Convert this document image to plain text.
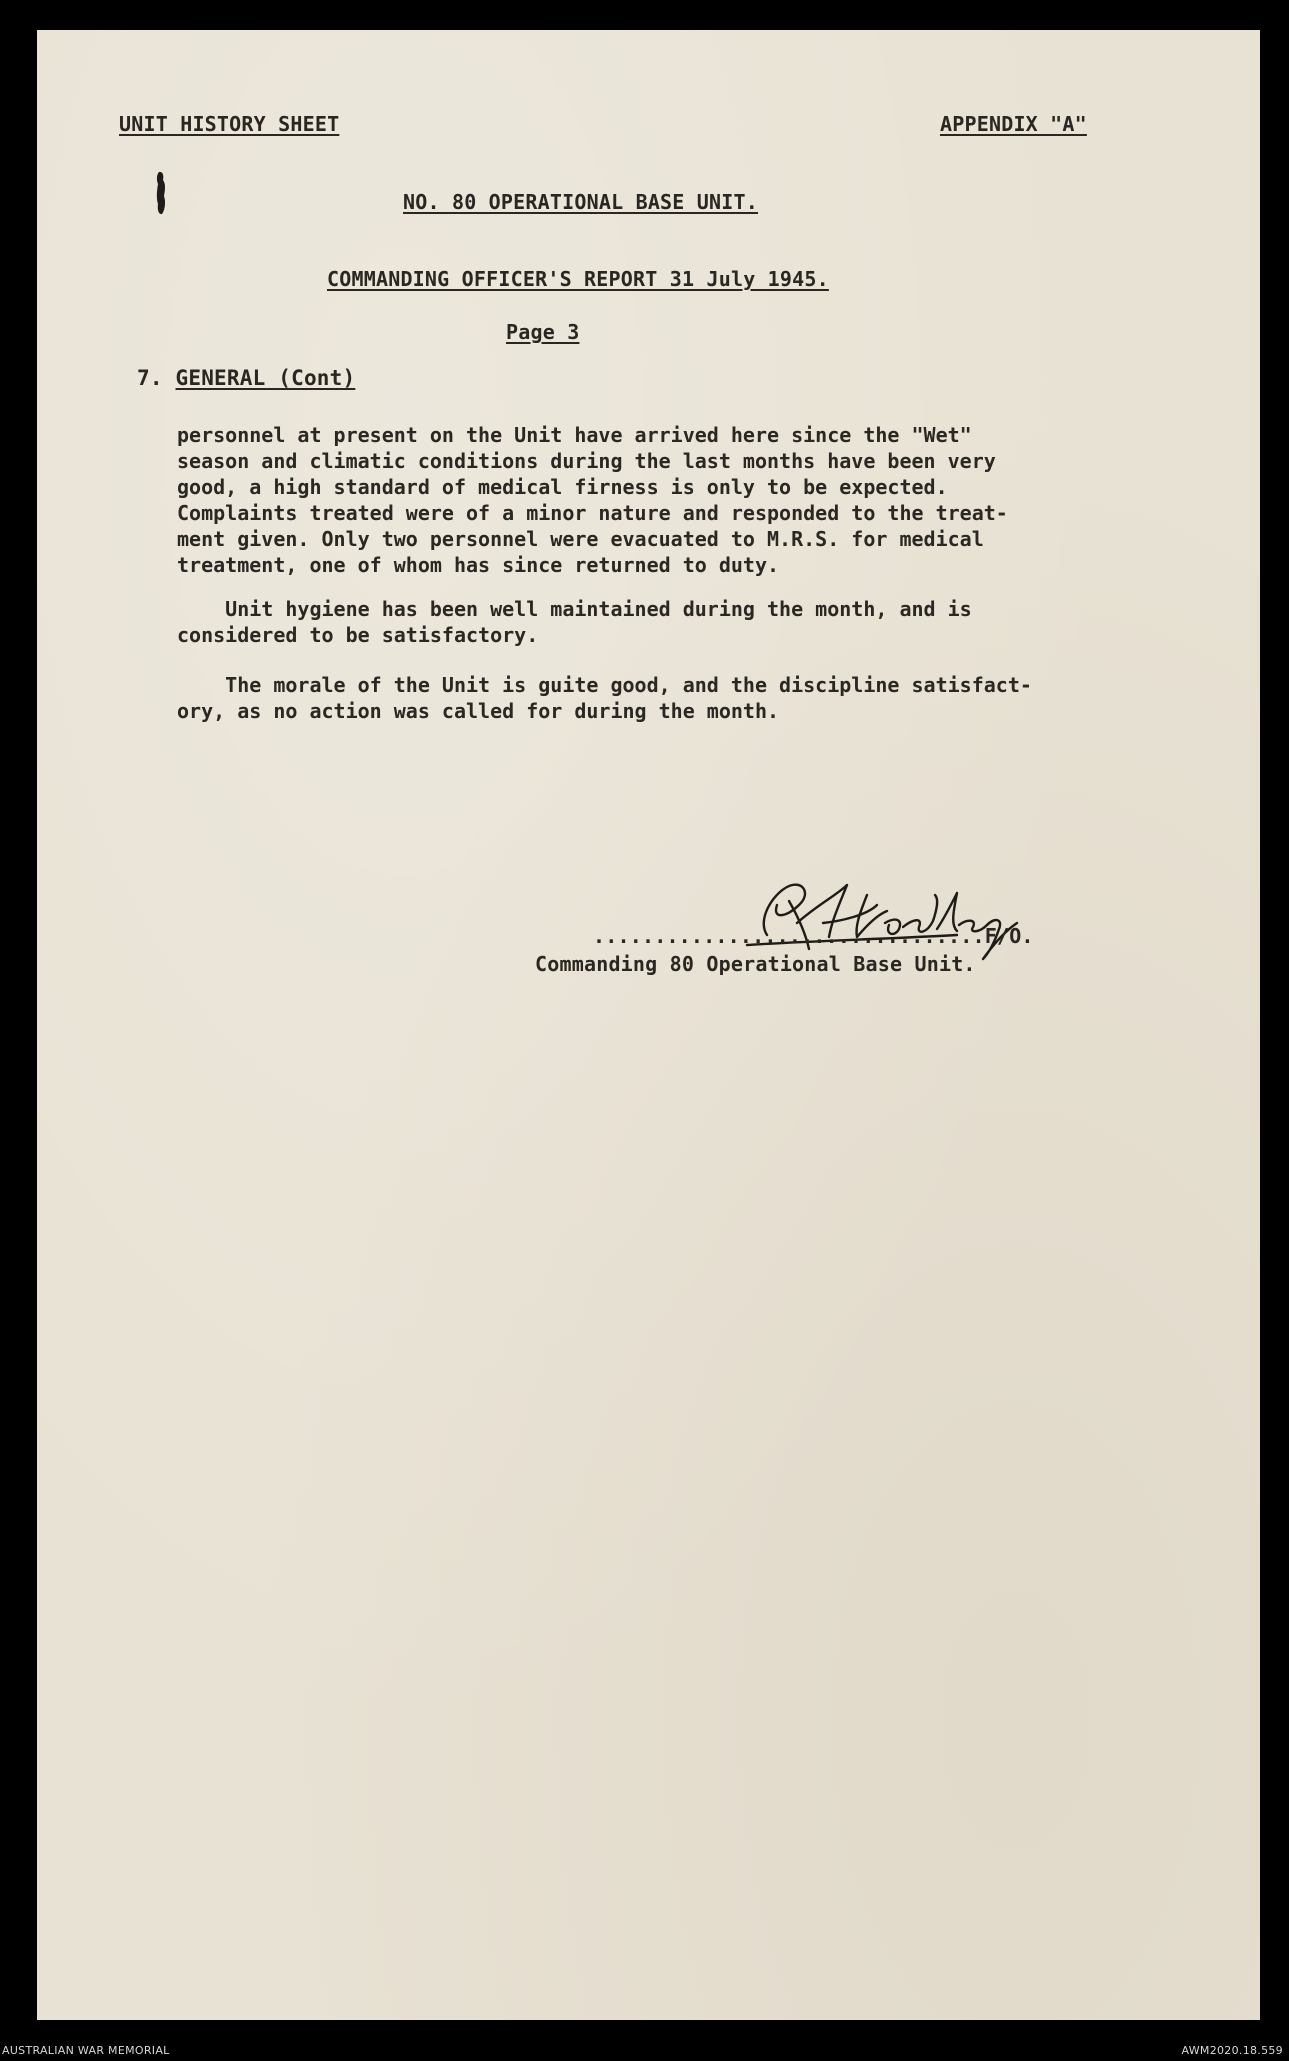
UNIT HISTORY SHEET	APPENDIX "A"
NO. 80 OPERATIONAL BASE UNIT.
COMMANDING OFFICER'S REPORT 31 July 1945.
Page 3
7. GENERAL (Cont)
personnel at present on the Unit have arrived here since the "Wet"
season and climatic conditions during the last months have been very
good, a high standard of medical firness is only to be expected.
Complaints treated were of a minor nature and responded to the treat-
ment given. Only two personnel were evacuated to M.R.S. for medical
treatment, one of whom has since returned to duty.
Unit hygiene has been well maintained during the month, and is
considered to be satisfactory.
The morale of the Unit is guite good, and the discipline satisfact-
ory, as no action was called for during the month.
Hadley
................................F/O.
Commanding 80 Operational Base Unit.
AUSTRALIAN WAR MEMORIAL	AWM2020.18.559
